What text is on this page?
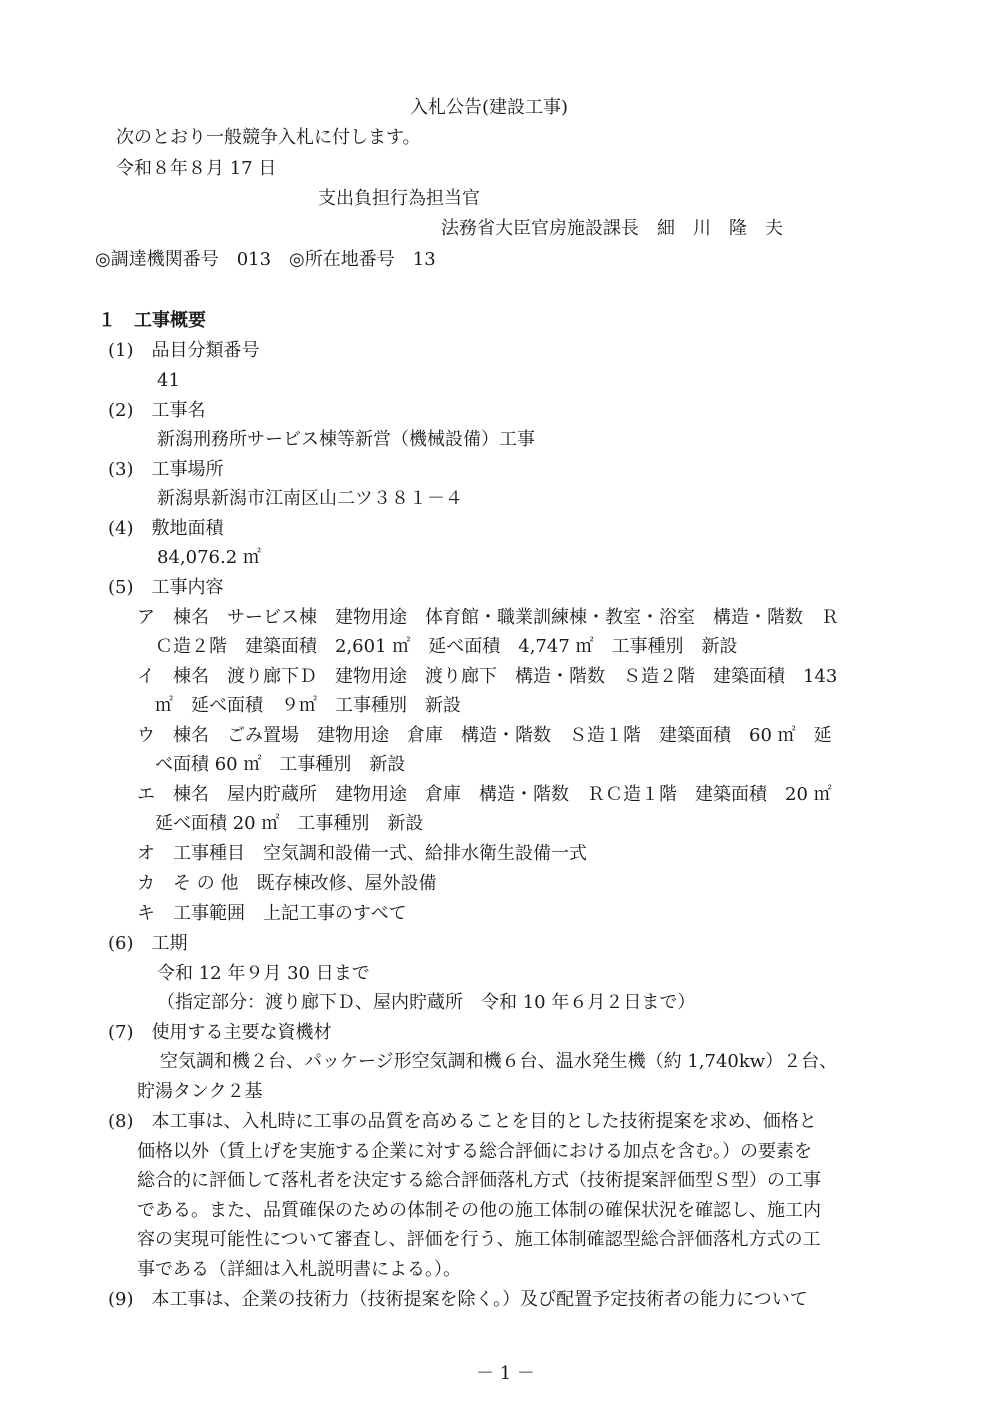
入札公告(建設工事)
次のとおり一般競争入札に付します。
令和８年８月 17 日
支出負担行為担当官
法務省大臣官房施設課長　細　川　隆　夫
◎調達機関番号　013　◎所在地番号　13
１　工事概要
(1)　品目分類番号
41
(2)　工事名
新潟刑務所サービス棟等新営（機械設備）工事
(3)　工事場所
新潟県新潟市江南区山二ツ３８１－４
(4)　敷地面積
84,076.2 ㎡
(5)　工事内容
ア　棟名　サービス棟　建物用途　体育館・職業訓練棟・教室・浴室　構造・階数　Ｒ
Ｃ造２階　建築面積　2,601 ㎡　延べ面積　4,747 ㎡　工事種別　新設
イ　棟名　渡り廊下Ｄ　建物用途　渡り廊下　構造・階数　Ｓ造２階　建築面積　143
㎡　延べ面積　９㎡　工事種別　新設
ウ　棟名　ごみ置場　建物用途　倉庫　構造・階数　Ｓ造１階　建築面積　60 ㎡　延
べ面積 60 ㎡　工事種別　新設
エ　棟名　屋内貯蔵所　建物用途　倉庫　構造・階数　ＲＣ造１階　建築面積　20 ㎡
延べ面積 20 ㎡　工事種別　新設
オ　工事種目　空気調和設備一式、給排水衛生設備一式
カ　そ の 他　既存棟改修、屋外設備
キ　工事範囲　上記工事のすべて
(6)　工期
令和 12 年９月 30 日まで
（指定部分：渡り廊下Ｄ、屋内貯蔵所　令和 10 年６月２日まで）
(7)　使用する主要な資機材
空気調和機２台、パッケージ形空気調和機６台、温水発生機（約 1,740kw）２台、
貯湯タンク２基
(8)　本工事は、入札時に工事の品質を高めることを目的とした技術提案を求め、価格と
価格以外（賃上げを実施する企業に対する総合評価における加点を含む。）の要素を
総合的に評価して落札者を決定する総合評価落札方式（技術提案評価型Ｓ型）の工事
である。また、品質確保のための体制その他の施工体制の確保状況を確認し、施工内
容の実現可能性について審査し、評価を行う、施工体制確認型総合評価落札方式の工
事である（詳細は入札説明書による。）。
(9)　本工事は、企業の技術力（技術提案を除く。）及び配置予定技術者の能力について
－ 1 －
